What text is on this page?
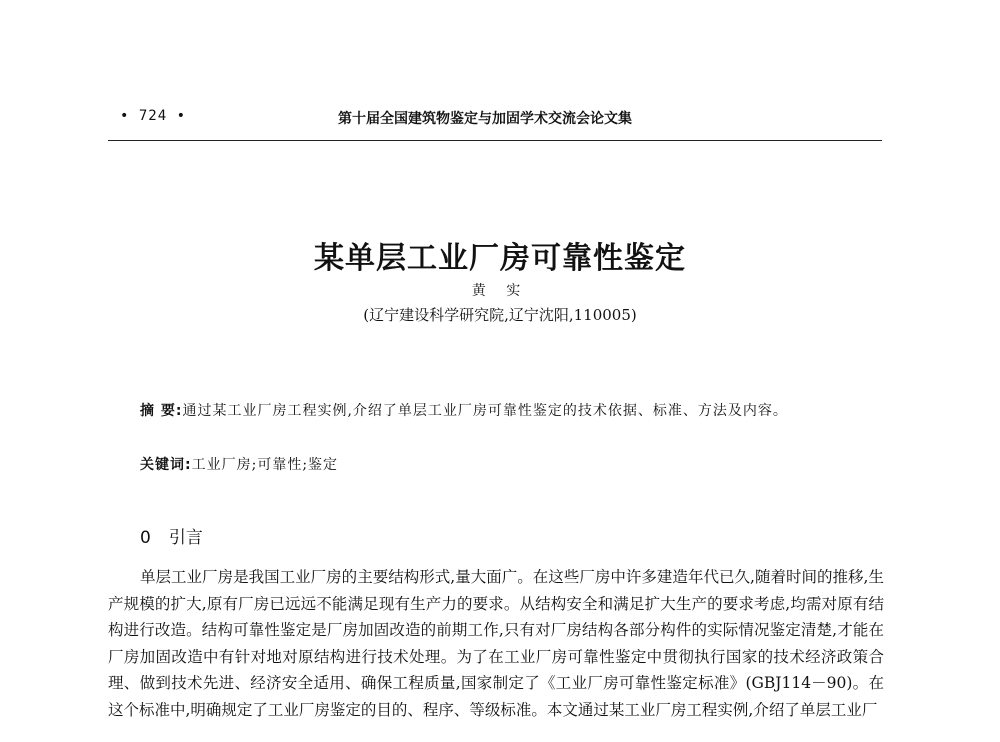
• 724 •	第十届全国建筑物鉴定与加固学术交流会论文集
某单层工业厂房可靠性鉴定
黄 实
(辽宁建设科学研究院,辽宁沈阳,110005)
摘 要:通过某工业厂房工程实例,介绍了单层工业厂房可靠性鉴定的技术依据、标准、方法及内容。
关键词:工业厂房;可靠性;鉴定
0 引言
单层工业厂房是我国工业厂房的主要结构形式,量大面广。在这些厂房中许多建造年代已久,随着时间的推移,生产规模的扩大,原有厂房已远远不能满足现有生产力的要求。从结构安全和满足扩大生产的要求考虑,均需对原有结构进行改造。结构可靠性鉴定是厂房加固改造的前期工作,只有对厂房结构各部分构件的实际情况鉴定清楚,才能在厂房加固改造中有针对地对原结构进行技术处理。为了在工业厂房可靠性鉴定中贯彻执行国家的技术经济政策合理、做到技术先进、经济安全适用、确保工程质量,国家制定了《工业厂房可靠性鉴定标准》(GBJ114－90)。在这个标准中,明确规定了工业厂房鉴定的目的、程序、等级标准。本文通过某工业厂房工程实例,介绍了单层工业厂
